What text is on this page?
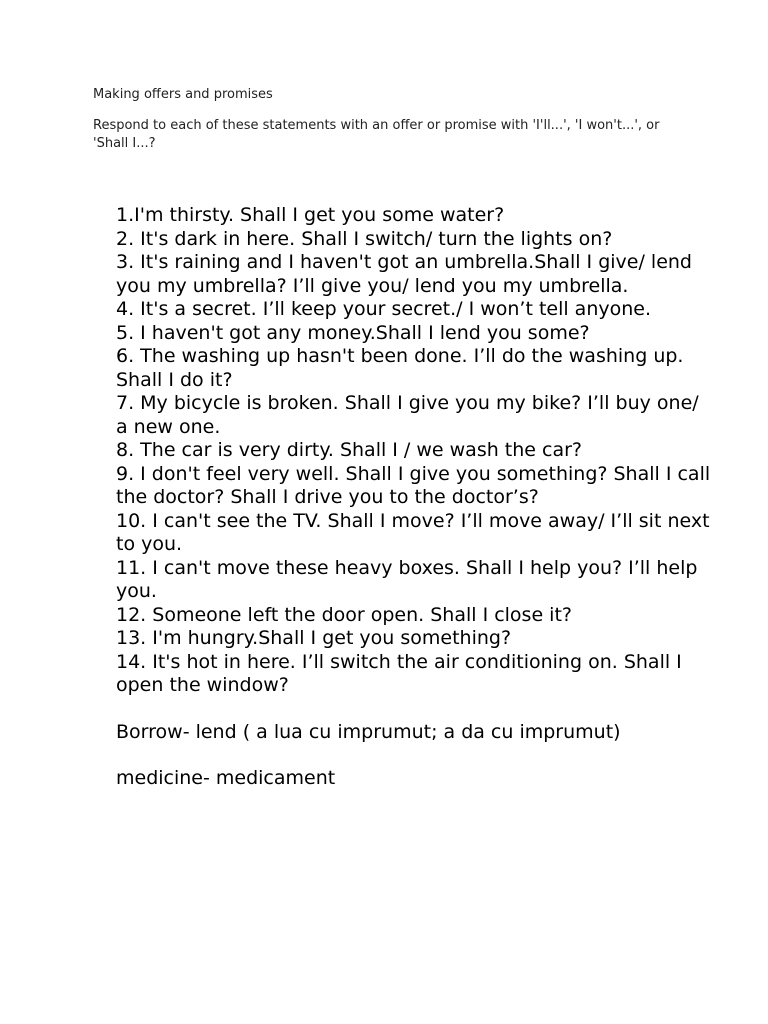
Making offers and promises

Respond to each of these statements with an offer or promise with 'I'll...', 'I won't...', or 'Shall I...?

1.I'm thirsty. Shall I get you some water?
2. It's dark in here. Shall I switch/ turn the lights on?
3. It's raining and I haven't got an umbrella.Shall I give/ lend you my umbrella? I’ll give you/ lend you my umbrella.
4. It's a secret. I’ll keep your secret./ I won’t tell anyone.
5. I haven't got any money.Shall I lend you some?
6. The washing up hasn't been done. I’ll do the washing up. Shall I do it?
7. My bicycle is broken. Shall I give you my bike? I’ll buy one/ a new one.
8. The car is very dirty. Shall I / we wash the car?
9. I don't feel very well. Shall I give you something? Shall I call the doctor? Shall I drive you to the doctor’s?
10. I can't see the TV. Shall I move? I’ll move away/ I’ll sit next to you.
11. I can't move these heavy boxes. Shall I help you? I’ll help you.
12. Someone left the door open. Shall I close it?
13. I'm hungry.Shall I get you something?
14. It's hot in here. I’ll switch the air conditioning on. Shall I open the window?

Borrow- lend ( a lua cu imprumut; a da cu imprumut)

medicine- medicament
